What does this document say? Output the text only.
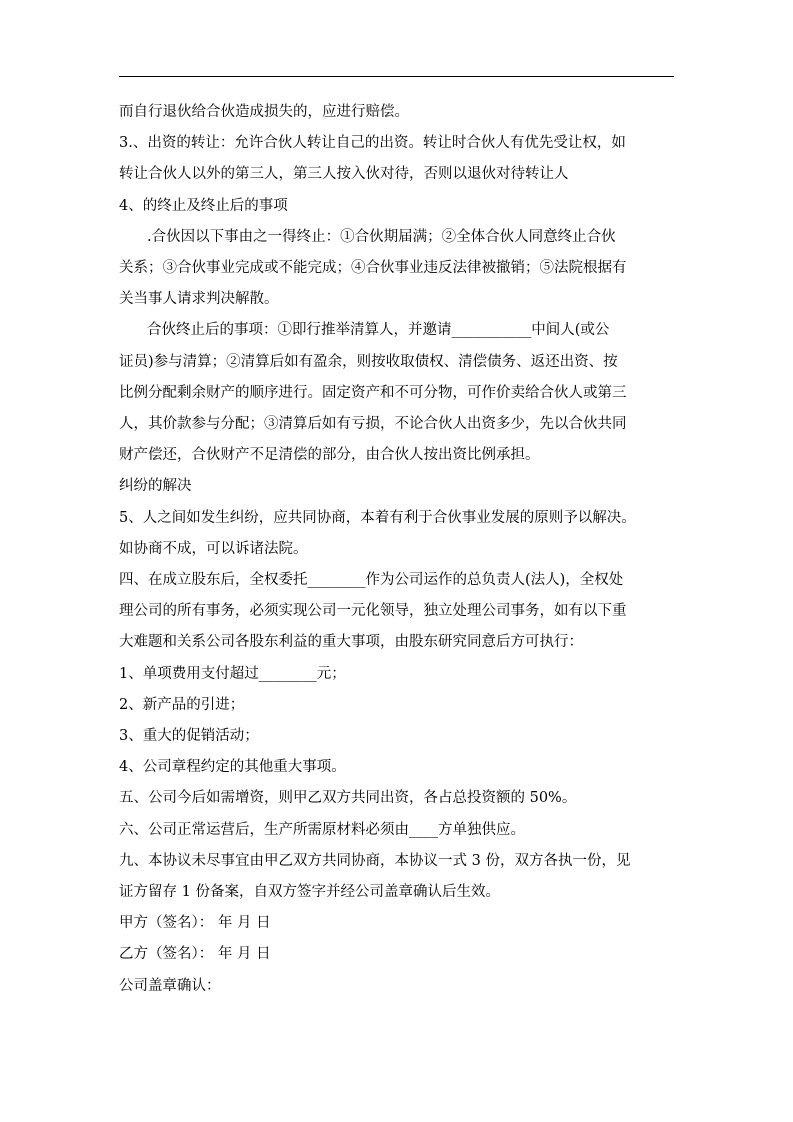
而自行退伙给合伙造成损失的，应进行赔偿。

3.、出资的转让：允许合伙人转让自己的出资。转让时合伙人有优先受让权，如

转让合伙人以外的第三人，第三人按入伙对待，否则以退伙对待转让人

4、的终止及终止后的事项

.合伙因以下事由之一得终止：①合伙期届满；②全体合伙人同意终止合伙

关系；③合伙事业完成或不能完成；④合伙事业违反法律被撤销；⑤法院根据有

关当事人请求判决解散。

合伙终止后的事项：①即行推举清算人，并邀请___________中间人(或公

证员)参与清算；②清算后如有盈余，则按收取债权、清偿债务、返还出资、按

比例分配剩余财产的顺序进行。固定资产和不可分物，可作价卖给合伙人或第三

人，其价款参与分配；③清算后如有亏损，不论合伙人出资多少，先以合伙共同

财产偿还，合伙财产不足清偿的部分，由合伙人按出资比例承担。

纠纷的解决

5、人之间如发生纠纷，应共同协商，本着有利于合伙事业发展的原则予以解决。

如协商不成，可以诉诸法院。

四、在成立股东后，全权委托________作为公司运作的总负责人(法人)，全权处

理公司的所有事务，必须实现公司一元化领导，独立处理公司事务，如有以下重

大难题和关系公司各股东利益的重大事项，由股东研究同意后方可执行：

1、单项费用支付超过________元；

2、新产品的引进；

3、重大的促销活动；

4、公司章程约定的其他重大事项。

五、公司今后如需增资，则甲乙双方共同出资，各占总投资额的 50%。

六、公司正常运营后，生产所需原材料必须由____方单独供应。

九、本协议未尽事宜由甲乙双方共同协商，本协议一式 3 份，双方各执一份，见

证方留存 1 份备案，自双方签字并经公司盖章确认后生效。

甲方（签名）： 年 月 日

乙方（签名）： 年 月 日

公司盖章确认：
